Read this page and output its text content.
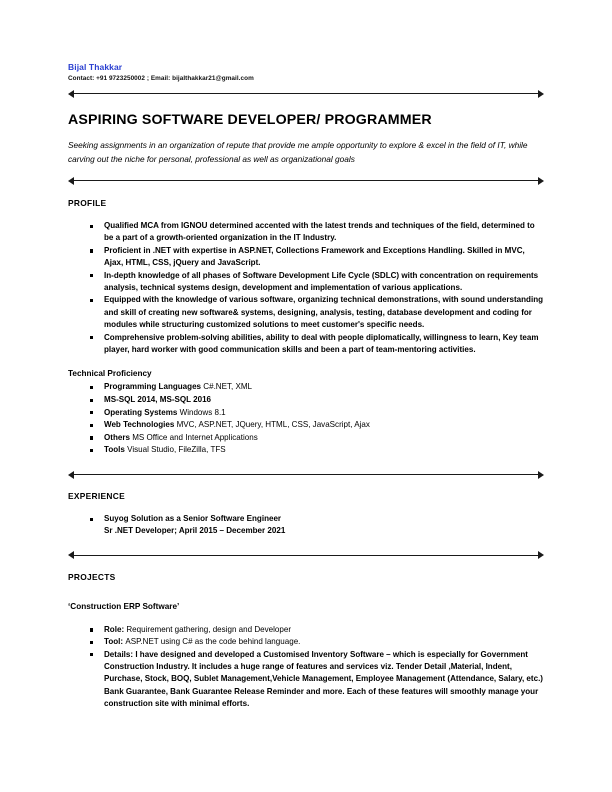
Bijal Thakkar
Contact: +91 9723250002 ; Email: bijalthakkar21@gmail.com
ASPIRING SOFTWARE DEVELOPER/ PROGRAMMER
Seeking assignments in an organization of repute that provide me ample opportunity to explore & excel in the field of IT, while carving out the niche for personal, professional as well as organizational goals
PROFILE
Qualified MCA from IGNOU determined accented with the latest trends and techniques of the field, determined to be a part of a growth-oriented organization in the IT Industry.
Proficient in .NET with expertise in ASP.NET, Collections Framework and Exceptions Handling. Skilled in MVC, Ajax, HTML, CSS, jQuery and JavaScript.
In-depth knowledge of all phases of Software Development Life Cycle (SDLC) with concentration on requirements analysis, technical systems design, development and implementation of various applications.
Equipped with the knowledge of various software, organizing technical demonstrations, with sound understanding and skill of creating new software& systems, designing, analysis, testing, database development and coding for modules while structuring customized solutions to meet customer's specific needs.
Comprehensive problem-solving abilities, ability to deal with people diplomatically, willingness to learn, Key team player, hard worker with good communication skills and been a part of team-mentoring activities.
Technical Proficiency
Programming Languages C#.NET, XML
MS-SQL 2014, MS-SQL 2016
Operating Systems Windows 8.1
Web Technologies MVC, ASP.NET, JQuery, HTML, CSS, JavaScript, Ajax
Others MS Office and Internet Applications
Tools Visual Studio, FileZilla, TFS
EXPERIENCE
Suyog Solution as a Senior Software Engineer
Sr .NET Developer; April 2015 – December 2021
PROJECTS
‘Construction ERP Software’
Role: Requirement gathering, design and Developer
Tool: ASP.NET using C# as the code behind language.
Details: I have designed and developed a Customised Inventory Software – which is especially for Government Construction Industry. It includes a huge range of features and services viz. Tender Detail ,Material, Indent, Purchase, Stock, BOQ, Sublet Management,Vehicle Management, Employee Management (Attendance, Salary, etc.) Bank Guarantee, Bank Guarantee Release Reminder and more. Each of these features will smoothly manage your construction site with minimal efforts.
